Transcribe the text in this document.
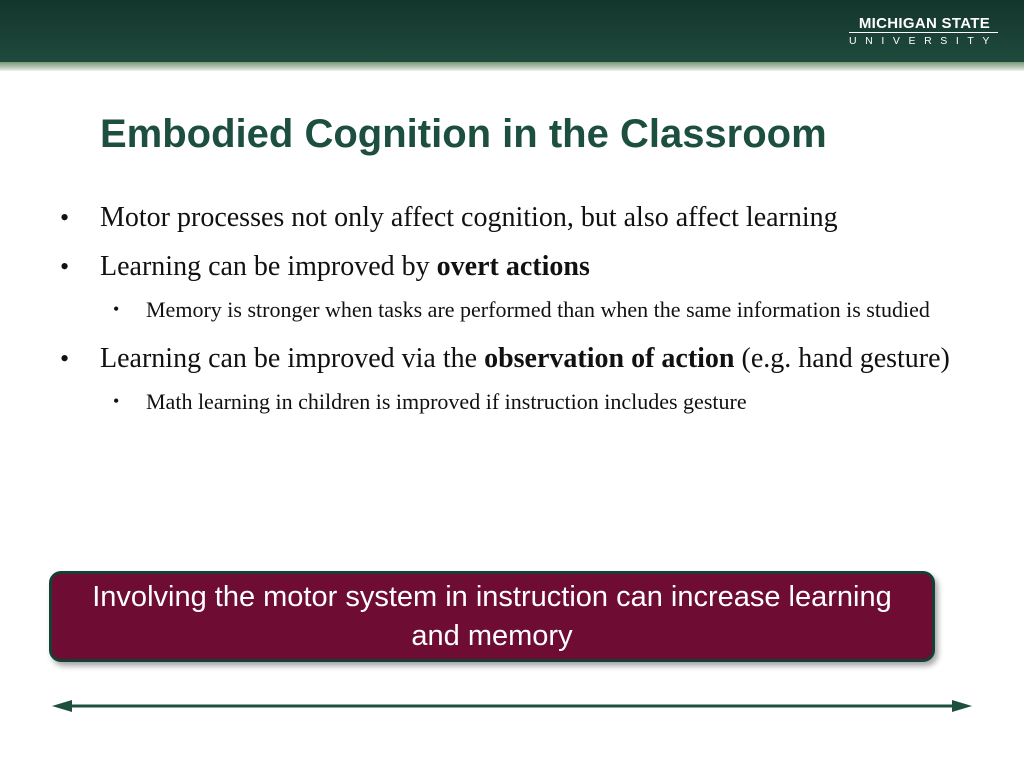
MICHIGAN STATE
UNIVERSITY
Embodied Cognition in the Classroom
• Motor processes not only affect cognition, but also affect learning
• Learning can be improved by overt actions
• Memory is stronger when tasks are performed than when the same information is studied
• Learning can be improved via the observation of action (e.g. hand gesture)
• Math learning in children is improved if instruction includes gesture
Involving the motor system in instruction can increase learning and memory
